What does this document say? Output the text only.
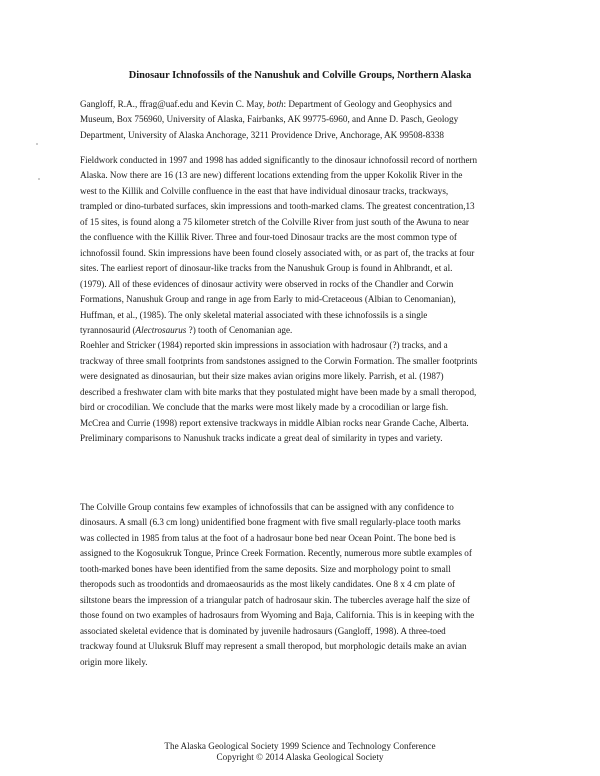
Dinosaur Ichnofossils of the Nanushuk and Colville Groups, Northern Alaska
Gangloff, R.A., ffrag@uaf.edu and Kevin C. May, both: Department of Geology and Geophysics and
Museum, Box 756960, University of Alaska, Fairbanks, AK 99775-6960, and Anne D. Pasch, Geology
Department, University of Alaska Anchorage, 3211 Providence Drive, Anchorage, AK 99508-8338

Fieldwork conducted in 1997 and 1998 has added significantly to the dinosaur ichnofossil record of northern

Alaska. Now there are 16 (13 are new) different locations extending from the upper Kokolik River in the

west to the Killik and Colville confluence in the east that have individual dinosaur tracks, trackways,

trampled or dino-turbated surfaces, skin impressions and tooth-marked clams. The greatest concentration,13

of 15 sites, is found along a 75 kilometer stretch of the Colville River from just south of the Awuna to near

the confluence with the Killik River. Three and four-toed Dinosaur tracks are the most common type of

ichnofossil found. Skin impressions have been found closely associated with, or as part of, the tracks at four

sites. The earliest report of dinosaur-like tracks from the Nanushuk Group is found in Ahlbrandt, et al.

(1979). All of these evidences of dinosaur activity were observed in rocks of the Chandler and Corwin

Formations, Nanushuk Group and range in age from Early to mid-Cretaceous (Albian to Cenomanian),

Huffman, et al., (1985). The only skeletal material associated with these ichnofossils is a single

tyrannosaurid (Alectrosaurus ?) tooth of Cenomanian age.

Roehler and Stricker (1984) reported skin impressions in association with hadrosaur (?) tracks, and a

trackway of three small footprints from sandstones assigned to the Corwin Formation. The smaller footprints

were designated as dinosaurian, but their size makes avian origins more likely. Parrish, et al. (1987)

described a freshwater clam with bite marks that they postulated might have been made by a small theropod,

bird or crocodilian. We conclude that the marks were most likely made by a crocodilian or large fish.

McCrea and Currie (1998) report extensive trackways in middle Albian rocks near Grande Cache, Alberta.

Preliminary comparisons to Nanushuk tracks indicate a great deal of similarity in types and variety.

The Colville Group contains few examples of ichnofossils that can be assigned with any confidence to

dinosaurs. A small (6.3 cm long) unidentified bone fragment with five small regularly-place tooth marks

was collected in 1985 from talus at the foot of a hadrosaur bone bed near Ocean Point. The bone bed is

assigned to the Kogosukruk Tongue, Prince Creek Formation. Recently, numerous more subtle examples of

tooth-marked bones have been identified from the same deposits. Size and morphology point to small

theropods such as troodontids and dromaeosaurids as the most likely candidates. One 8 x 4 cm plate of

siltstone bears the impression of a triangular patch of hadrosaur skin. The tubercles average half the size of

those found on two examples of hadrosaurs from Wyoming and Baja, California. This is in keeping with the

associated skeletal evidence that is dominated by juvenile hadrosaurs (Gangloff, 1998). A three-toed

trackway found at Uluksruk Bluff may represent a small theropod, but morphologic details make an avian

origin more likely.

The Alaska Geological Society 1999 Science and Technology Conference
Copyright © 2014 Alaska Geological Society
